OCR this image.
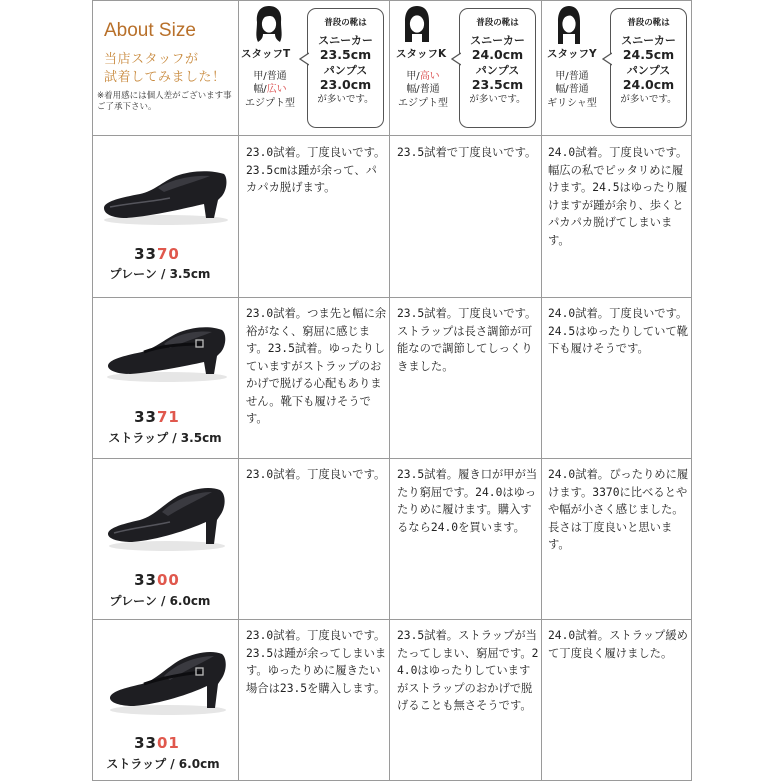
About Size
当店スタッフが
試着してみました！
※着用感には個人差がございます事ご了承下さい。
スタッフT
甲/普通
幅/広い
エジプト型
普段の靴は
スニーカー
23.5cm
パンプス
23.0cm
が多いです。
スタッフK
甲/高い
幅/普通
エジプト型
普段の靴は
スニーカー
24.0cm
パンプス
23.5cm
が多いです。
スタッフY
甲/普通
幅/普通
ギリシャ型
普段の靴は
スニーカー
24.5cm
パンプス
24.0cm
が多いです。
3370
プレーン / 3.5cm
23.0試着。丁度良いです。23.5cmは踵が余って、パカパカ脱げます。
23.5試着で丁度良いです。 24.0試着。丁度良いです。幅広の私でピッタリめに履けます。24.5はゆったり履けますが踵が余り、歩くとパカパカ脱げてしまいます。
3371
ストラップ / 3.5cm
23.0試着。つま先と幅に余裕がなく、窮屈に感じます。23.5試着。ゆったりしていますがストラップのおかげで脱げる心配もありません。靴下も履けそうです。
23.5試着。丁度良いです。ストラップは長さ調節が可能なので調節してしっくりきました。
24.0試着。丁度良いです。24.5はゆったりしていて靴下も履けそうです。
3300
プレーン / 6.0cm
23.0試着。丁度良いです。 23.5試着。履き口が甲が当たり窮屈です。24.0はゆったりめに履けます。購入するなら24.0を買います。
24.0試着。ぴったりめに履けます。3370に比べるとやや幅が小さく感じました。長さは丁度良いと思います。
3301
ストラップ / 6.0cm
23.0試着。丁度良いです。23.5は踵が余ってしまいます。ゆったりめに履きたい場合は23.5を購入します。
23.5試着。ストラップが当たってしまい、窮屈です。24.0はゆったりしていますがストラップのおかげで脱げることも無さそうです。
24.0試着。ストラップ緩めて丁度良く履けました。
